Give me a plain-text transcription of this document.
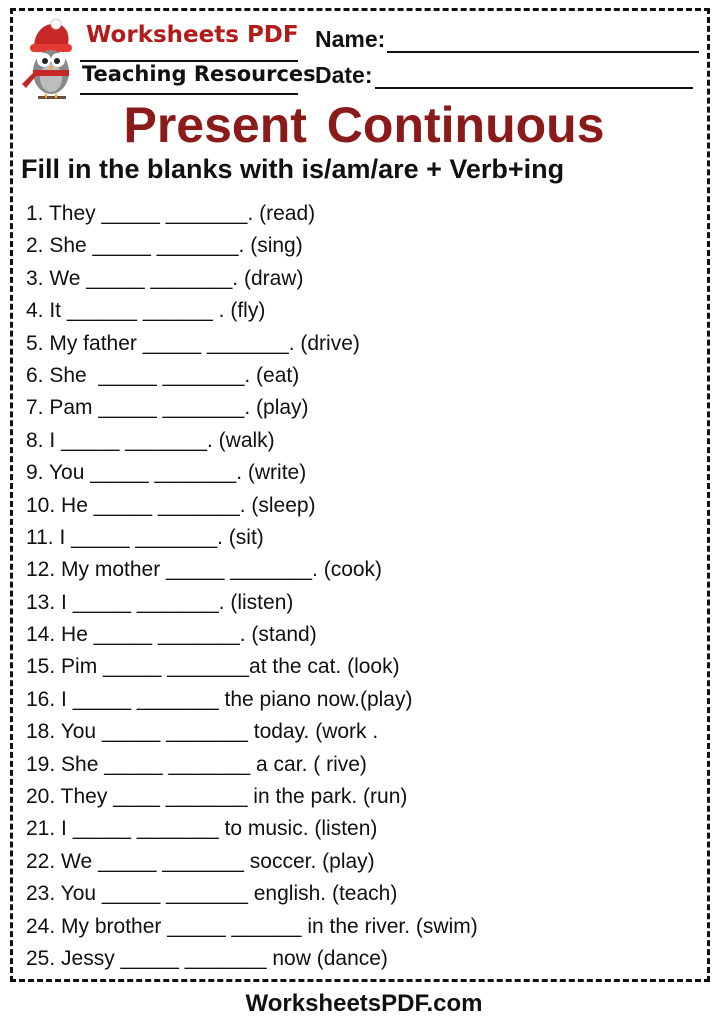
Worksheets PDF
Teaching Resources
Name:
Date:
Present Continuous
Fill in the blanks with is/am/are + Verb+ing
1. They _____ _______. (read)
2. She _____ _______. (sing)
3. We _____ _______. (draw)
4. It ______ ______ . (fly)
5. My father _____ _______. (drive)
6. She  _____ _______. (eat)
7. Pam _____ _______. (play)
8. I _____ _______. (walk)
9. You _____ _______. (write)
10. He _____ _______. (sleep)
11. I _____ _______. (sit)
12. My mother _____ _______. (cook)
13. I _____ _______. (listen)
14. He _____ _______. (stand)
15. Pim _____ _______at the cat. (look)
16. I _____ _______ the piano now.(play)
18. You _____ _______ today. (work .
19. She _____ _______ a car. ( rive)
20. They ____ _______ in the park. (run)
21. I _____ _______ to music. (listen)
22. We _____ _______ soccer. (play)
23. You _____ _______ english. (teach)
24. My brother _____ ______ in the river. (swim)
25. Jessy _____ _______ now (dance)
WorksheetsPDF.com
